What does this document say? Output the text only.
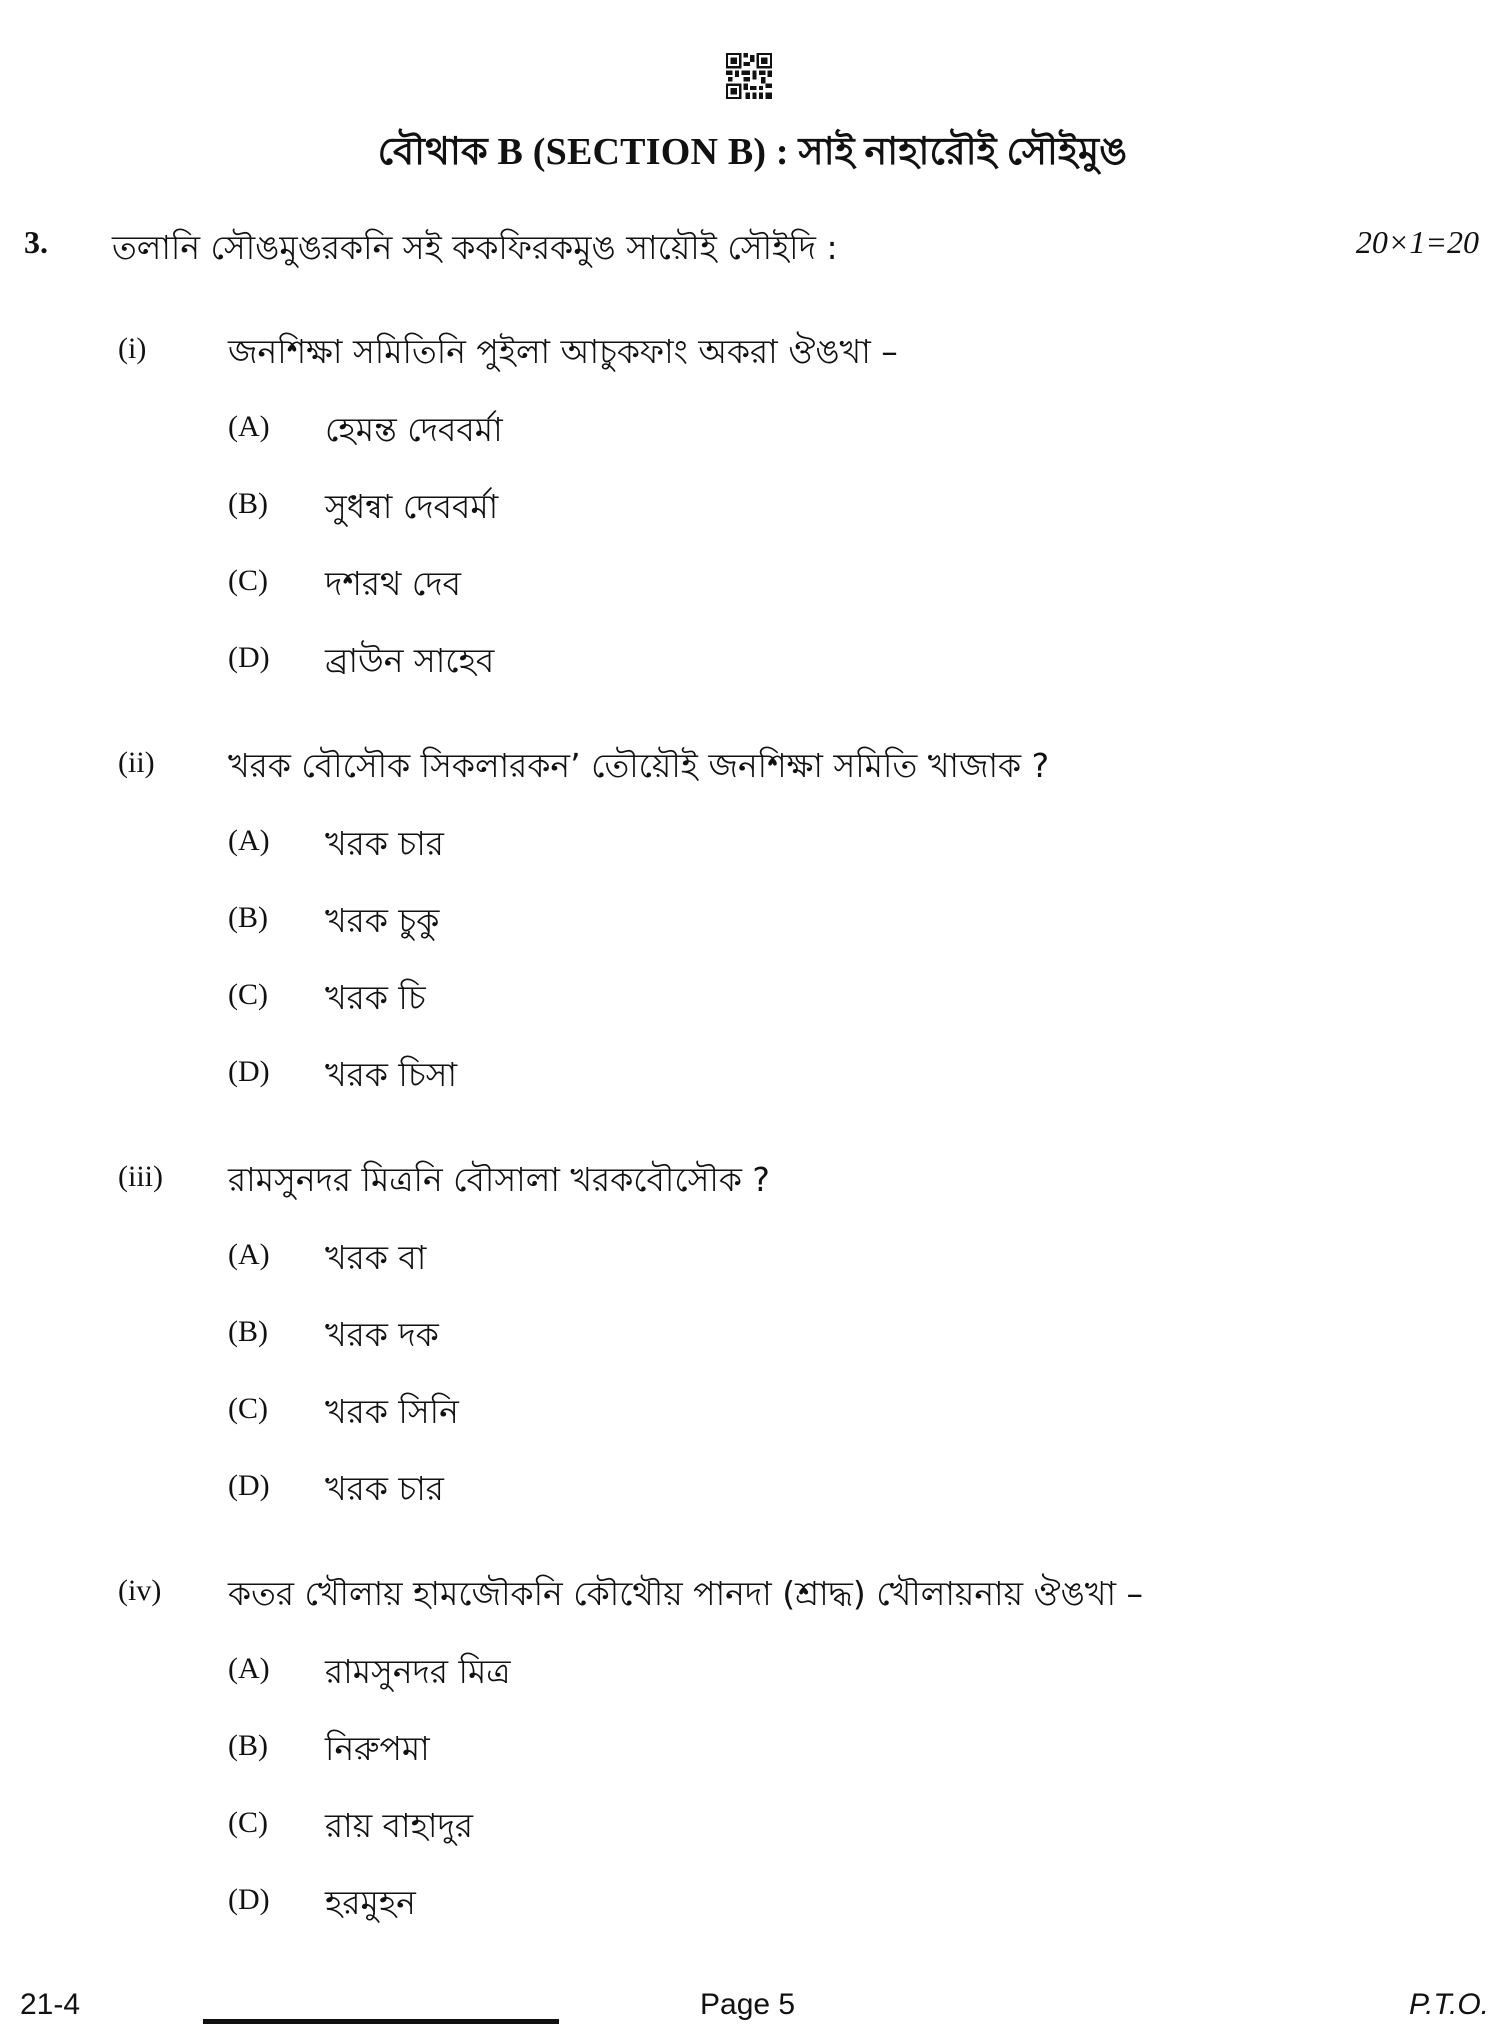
বৌথাক B (SECTION B) : সাই নাহারৌই সৌইমুঙ
3. তলানি সৌঙমুঙরকনি সই ককফিরকমুঙ সায়ৌই সৌইদি :	20×1=20
(i) জনশিক্ষা সমিতিনি পুইলা আচুকফাং অকরা ঔঙখা –
(A) হেমন্ত দেববর্মা
(B) সুধন্বা দেববর্মা
(C) দশরথ দেব
(D) ব্রাউন সাহেব
(ii) খরক বৌসৌক সিকলারকন’ তৌয়ৌই জনশিক্ষা সমিতি খাজাক ?
(A) খরক চার
(B) খরক চুকু
(C) খরক চি
(D) খরক চিসা
(iii) রামসুনদর মিত্রনি বৌসালা খরকবৌসৌক ?
(A) খরক বা
(B) খরক দক
(C) খরক সিনি
(D) খরক চার
(iv) কতর খৌলায় হামজৌকনি কৌথৌয় পানদা (শ্রাদ্ধ) খৌলায়নায় ঔঙখা –
(A) রামসুনদর মিত্র
(B) নিরুপমা
(C) রায় বাহাদুর
(D) হরমুহন
21-4	Page 5	P.T.O.
